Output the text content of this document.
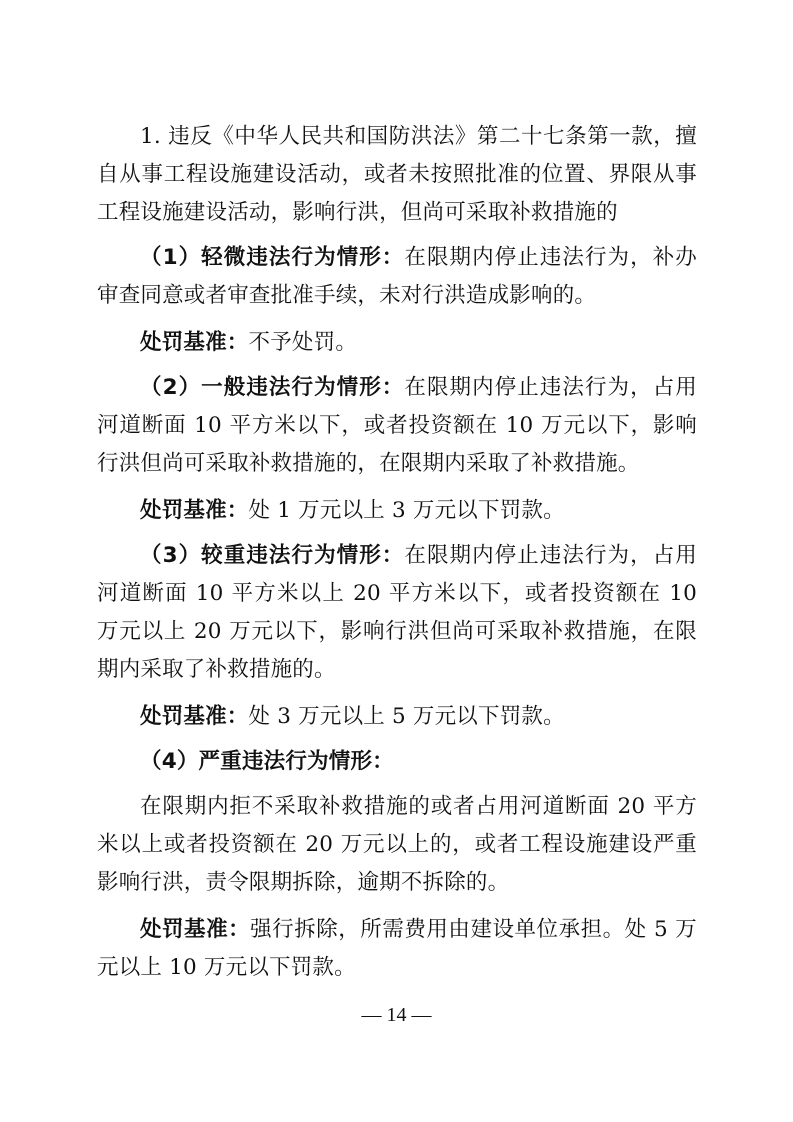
1. 违反《中华人民共和国防洪法》第二十七条第一款，擅自从事工程设施建设活动，或者未按照批准的位置、界限从事工程设施建设活动，影响行洪，但尚可采取补救措施的

（1）轻微违法行为情形：在限期内停止违法行为，补办审查同意或者审查批准手续，未对行洪造成影响的。

处罚基准：不予处罚。

（2）一般违法行为情形：在限期内停止违法行为，占用河道断面 10 平方米以下，或者投资额在 10 万元以下，影响行洪但尚可采取补救措施的，在限期内采取了补救措施。

处罚基准：处 1 万元以上 3 万元以下罚款。

（3）较重违法行为情形：在限期内停止违法行为，占用河道断面 10 平方米以上 20 平方米以下，或者投资额在 10 万元以上 20 万元以下，影响行洪但尚可采取补救措施，在限期内采取了补救措施的。

处罚基准：处 3 万元以上 5 万元以下罚款。

（4）严重违法行为情形：

在限期内拒不采取补救措施的或者占用河道断面 20 平方米以上或者投资额在 20 万元以上的，或者工程设施建设严重影响行洪，责令限期拆除，逾期不拆除的。

处罚基准：强行拆除，所需费用由建设单位承担。处 5 万元以上 10 万元以下罚款。

— 14 —
